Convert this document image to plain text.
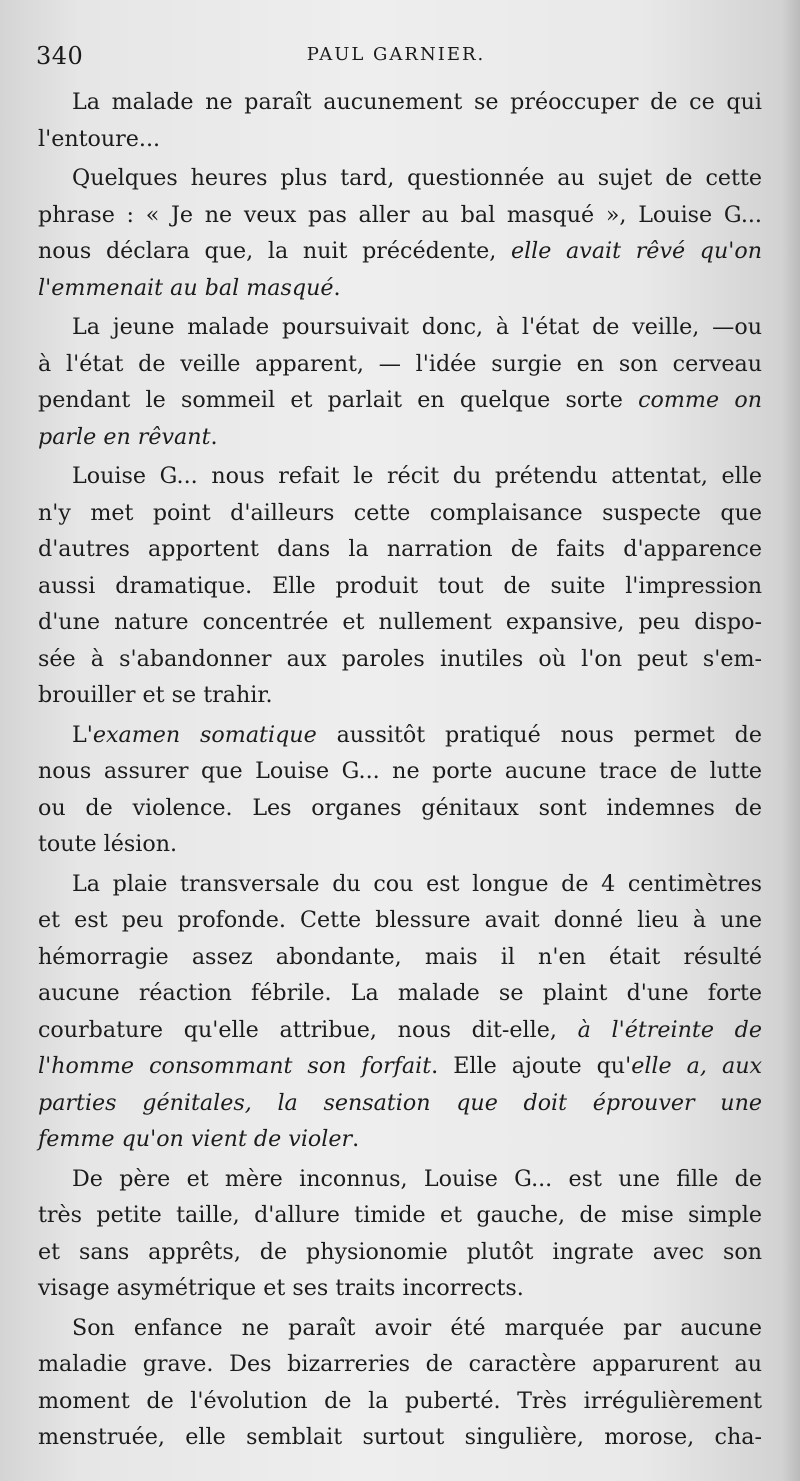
340	PAUL GARNIER.
La malade ne paraît aucunement se préoccuper de ce qui
l'entoure...
Quelques heures plus tard, questionnée au sujet de cette
phrase : « Je ne veux pas aller au bal masqué », Louise G...
nous déclara que, la nuit précédente, elle avait rêvé qu'on
l'emmenait au bal masqué.
La jeune malade poursuivait donc, à l'état de veille, —ou
à l'état de veille apparent, — l'idée surgie en son cerveau
pendant le sommeil et parlait en quelque sorte comme on
parle en rêvant.
Louise G... nous refait le récit du prétendu attentat, elle
n'y met point d'ailleurs cette complaisance suspecte que
d'autres apportent dans la narration de faits d'apparence
aussi dramatique. Elle produit tout de suite l'impression
d'une nature concentrée et nullement expansive, peu dispo-
sée à s'abandonner aux paroles inutiles où l'on peut s'em-
brouiller et se trahir.
L'examen somatique aussitôt pratiqué nous permet de
nous assurer que Louise G... ne porte aucune trace de lutte
ou de violence. Les organes génitaux sont indemnes de
toute lésion.
La plaie transversale du cou est longue de 4 centimètres
et est peu profonde. Cette blessure avait donné lieu à une
hémorragie assez abondante, mais il n'en était résulté
aucune réaction fébrile. La malade se plaint d'une forte
courbature qu'elle attribue, nous dit-elle, à l'étreinte de
l'homme consommant son forfait. Elle ajoute qu'elle a, aux
parties génitales, la sensation que doit éprouver une
femme qu'on vient de violer.
De père et mère inconnus, Louise G... est une fille de
très petite taille, d'allure timide et gauche, de mise simple
et sans apprêts, de physionomie plutôt ingrate avec son
visage asymétrique et ses traits incorrects.
Son enfance ne paraît avoir été marquée par aucune
maladie grave. Des bizarreries de caractère apparurent au
moment de l'évolution de la puberté. Très irrégulièrement
menstruée, elle semblait surtout singulière, morose, cha-
